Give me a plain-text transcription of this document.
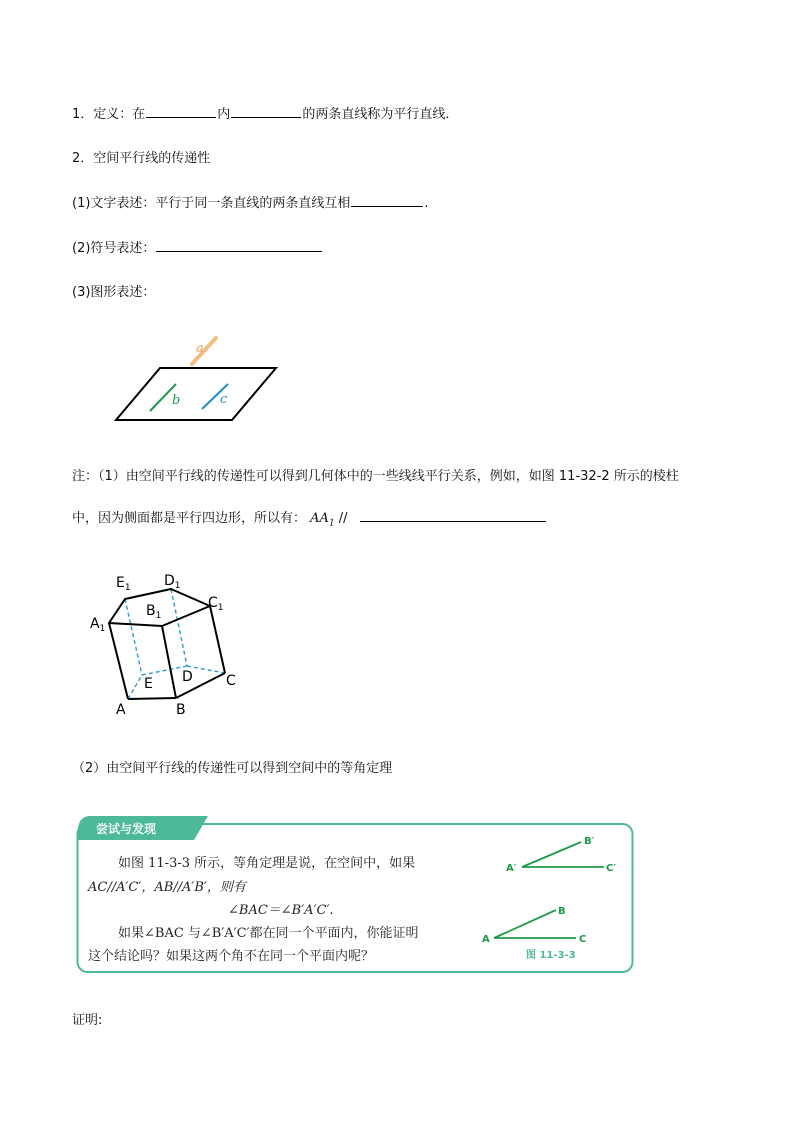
1．定义：在	内	的两条直线称为平行直线．
2．空间平行线的传递性
(1)文字表述：平行于同一条直线的两条直线互相	.
(2)符号表述：
(3)图形表述：
a
b	c
注：（1）由空间平行线的传递性可以得到几何体中的一些线线平行关系，例如，如图 11-32-2 所示的棱柱
中，因为侧面都是平行四边形，所以有： $AA_1$ //
$E_1$ $D_1$
$C_1$
$A_1$
$B_1$
E D C
A	B
（2）由空间平行线的传递性可以得到空间中的等角定理
尝试与发现
B′
A′	C′
B
A	C
图 11-3-3
如图 11-3-3 所示，等角定理是说，在空间中，如果
AC//A′C′，AB//A′B′，则有
∠BAC＝∠B′A′C′.
如果∠BAC 与∠B′A′C′都在同一个平面内，你能证明
这个结论吗？如果这两个角不在同一个平面内呢？
证明:
